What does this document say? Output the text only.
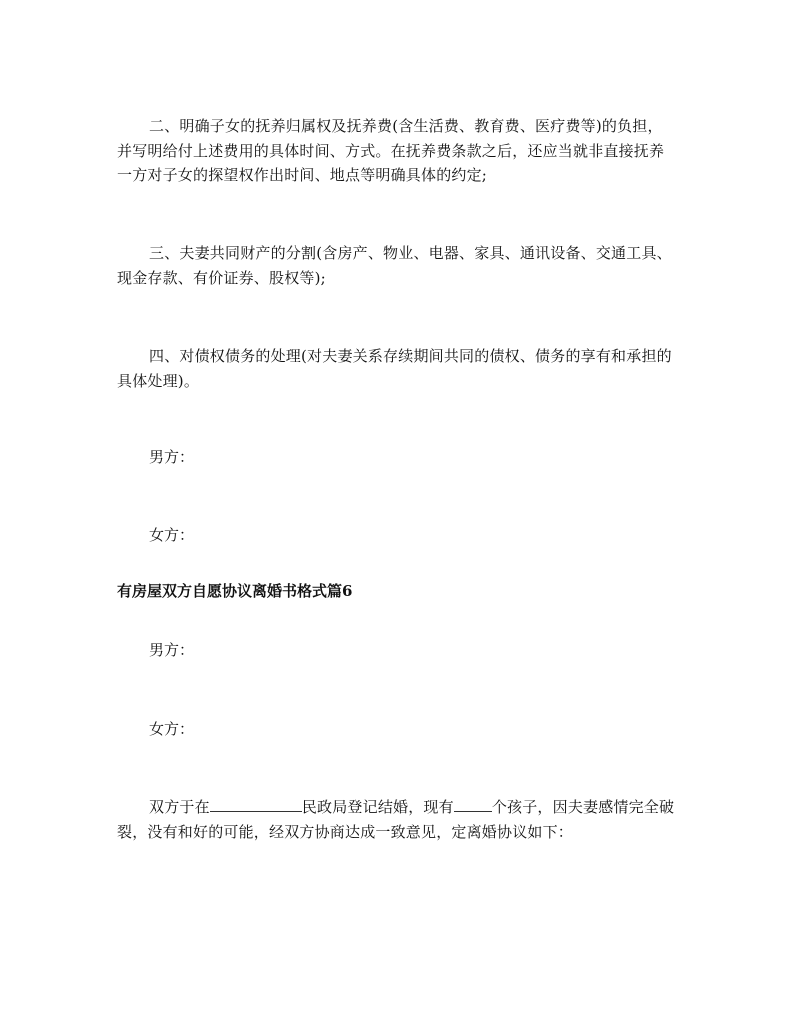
二、明确子女的抚养归属权及抚养费(含生活费、教育费、医疗费等)的负担，并写明给付上述费用的具体时间、方式。在抚养费条款之后，还应当就非直接抚养一方对子女的探望权作出时间、地点等明确具体的约定;

三、夫妻共同财产的分割(含房产、物业、电器、家具、通讯设备、交通工具、现金存款、有价证券、股权等);

四、对债权债务的处理(对夫妻关系存续期间共同的债权、债务的享有和承担的具体处理)。

男方：

女方：

有房屋双方自愿协议离婚书格式篇6

男方：

女方：

双方于在	民政局登记结婚，现有	个孩子，因夫妻感情完全破裂，没有和好的可能，经双方协商达成一致意见，定离婚协议如下：
